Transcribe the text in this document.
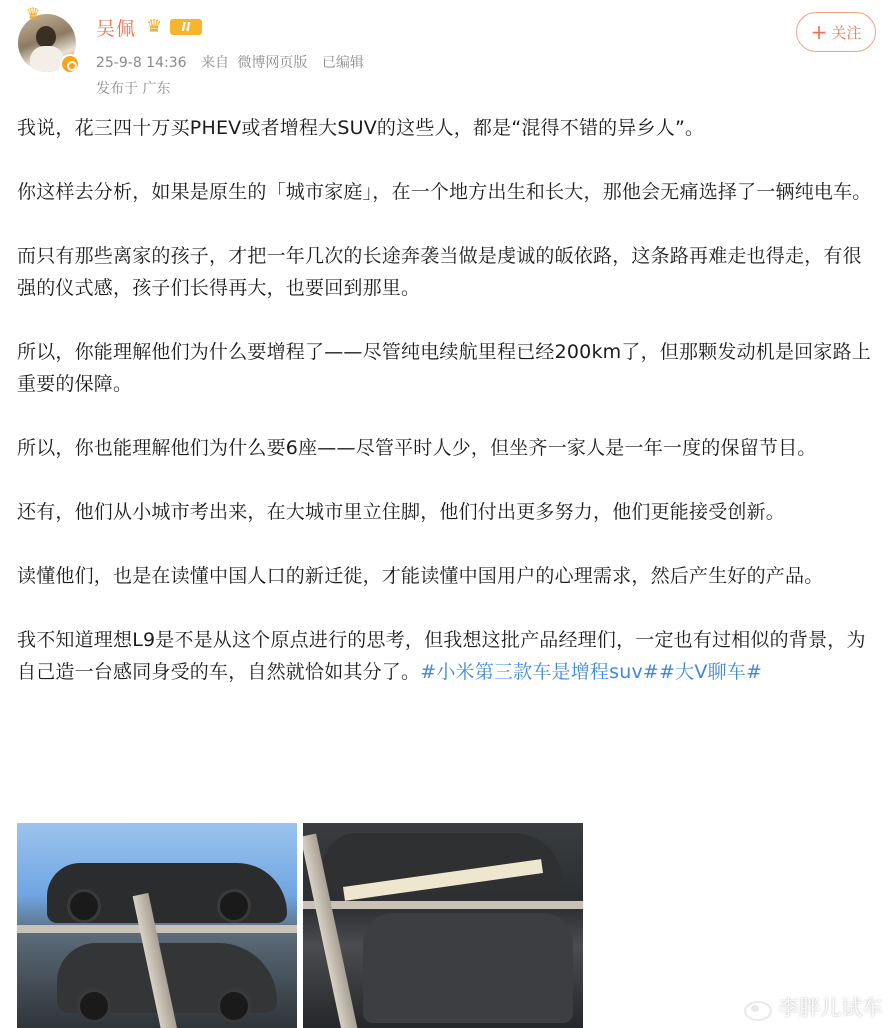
♛
吴佩 ♛	II
25-9-8 14:36 来自 微博网页版 已编辑
发布于 广东
+ 关注

我说，花三四十万买PHEV或者增程大SUV的这些人，都是“混得不错的异乡人”。

你这样去分析，如果是原生的「城市家庭」，在一个地方出生和长大，那他会无痛选择了一辆纯电车。

而只有那些离家的孩子，才把一年几次的长途奔袭当做是虔诚的皈依路，这条路再难走也得走，有很强的仪式感，孩子们长得再大，也要回到那里。

所以，你能理解他们为什么要增程了——尽管纯电续航里程已经200km了，但那颗发动机是回家路上重要的保障。

所以，你也能理解他们为什么要6座——尽管平时人少，但坐齐一家人是一年一度的保留节目。

还有，他们从小城市考出来，在大城市里立住脚，他们付出更多努力，他们更能接受创新。

读懂他们，也是在读懂中国人口的新迁徙，才能读懂中国用户的心理需求，然后产生好的产品。

我不知道理想L9是不是从这个原点进行的思考，但我想这批产品经理们，一定也有过相似的背景，为自己造一台感同身受的车，自然就恰如其分了。#小米第三款车是增程suv##大V聊车#

李胖儿试车
